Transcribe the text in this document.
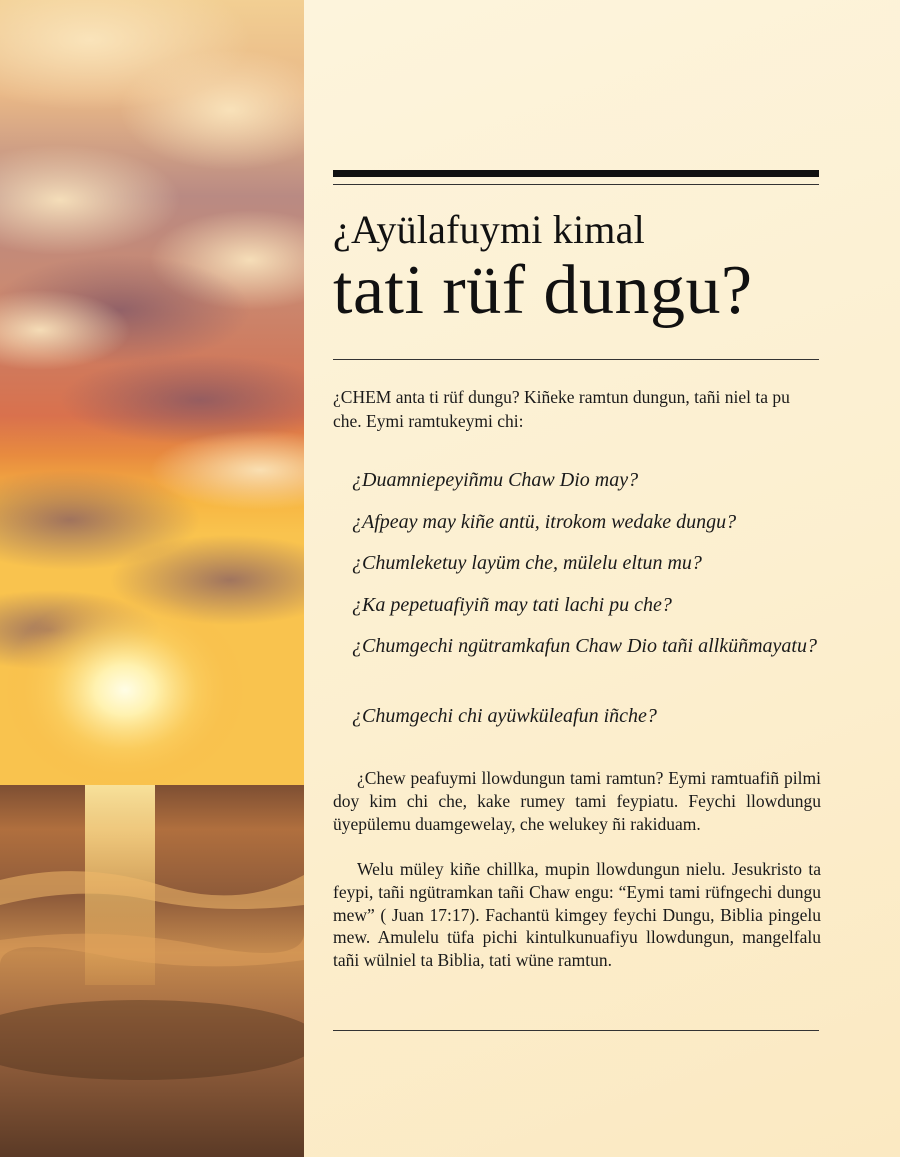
¿Ayülafuymi kimal
tati rüf dungu?

¿CHEM anta ti rüf dungu? Kiñeke ramtun dungun, tañi niel ta pu che. Eymi ramtukeymi chi:

¿Duamniepeyiñmu Chaw Dio may?

¿Afpeay may kiñe antü, itrokom wedake dungu?

¿Chumleketuy layüm che, mülelu eltun mu?

¿Ka pepetuafiyiñ may tati lachi pu che?

¿Chumgechi ngütramkafun Chaw Dio tañi allküñmayatu?

¿Chumgechi chi ayüwküleafun iñche?

¿Chew peafuymi llowdungun tami ramtun? Eymi ramtuafiñ pilmi doy kim chi che, kake rumey tami feypiatu. Feychi llowdungu üyepülemu duamgewelay, che welukey ñi rakiduam.

Welu müley kiñe chillka, mupin llowdungun nielu. Jesukristo ta feypi, tañi ngütramkan tañi Chaw engu: “Eymi tami rüfngechi dungu mew” ( Juan 17:17). Fachantü kimgey feychi Dungu, Biblia pingelu mew. Amulelu tüfa pichi kintulkunuafiyu llowdungun, mangelfalu tañi wülniel ta Biblia, tati wüne ramtun.
